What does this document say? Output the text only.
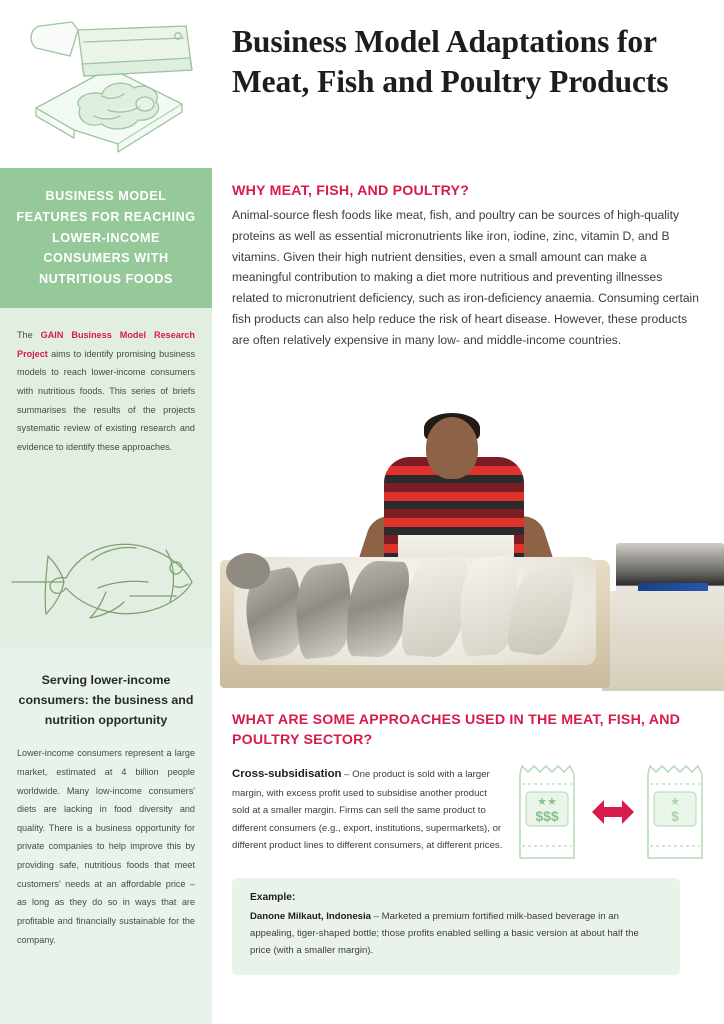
BUSINESS MODEL FEATURES FOR REACHING LOWER-INCOME CONSUMERS WITH NUTRITIOUS FOODS

The GAIN Business Model Research Project aims to identify promising business models to reach lower-income consumers with nutritious foods. This series of briefs summarises the results of the projects systematic review of existing research and evidence to identify these approaches.

Serving lower-income consumers: the business and nutrition opportunity

Lower-income consumers represent a large market, estimated at 4 billion people worldwide. Many low-income consumers' diets are lacking in food diversity and quality. There is a business opportunity for private companies to help improve this by providing safe, nutritious foods that meet customers' needs at an affordable price – as long as they do so in ways that are profitable and financially sustainable for the company.

Business Model Adaptations for Meat, Fish and Poultry Products
WHY MEAT, FISH, AND POULTRY?
Animal-source flesh foods like meat, fish, and poultry can be sources of high-quality proteins as well as essential micronutrients like iron, iodine, zinc, vitamin D, and B vitamins. Given their high nutrient densities, even a small amount can make a meaningful contribution to making a diet more nutritious and preventing illnesses related to micronutrient deficiency, such as iron-deficiency anaemia. Consuming certain fish products can also help reduce the risk of heart disease. However, these products are often relatively expensive in many low- and middle-income countries.
WHAT ARE SOME APPROACHES USED IN THE MEAT, FISH, AND POULTRY SECTOR?
Cross-subsidisation – One product is sold with a larger margin, with excess profit used to subsidise another product sold at a smaller margin. Firms can sell the same product to different consumers (e.g., export, institutions, supermarkets), or different product lines to different consumers, at different prices.
★★
$$$
★
$
Example:
Danone Milkaut, Indonesia – Marketed a premium fortified milk-based beverage in an appealing, tiger-shaped bottle; those profits enabled selling a basic version at about half the price (with a smaller margin).
